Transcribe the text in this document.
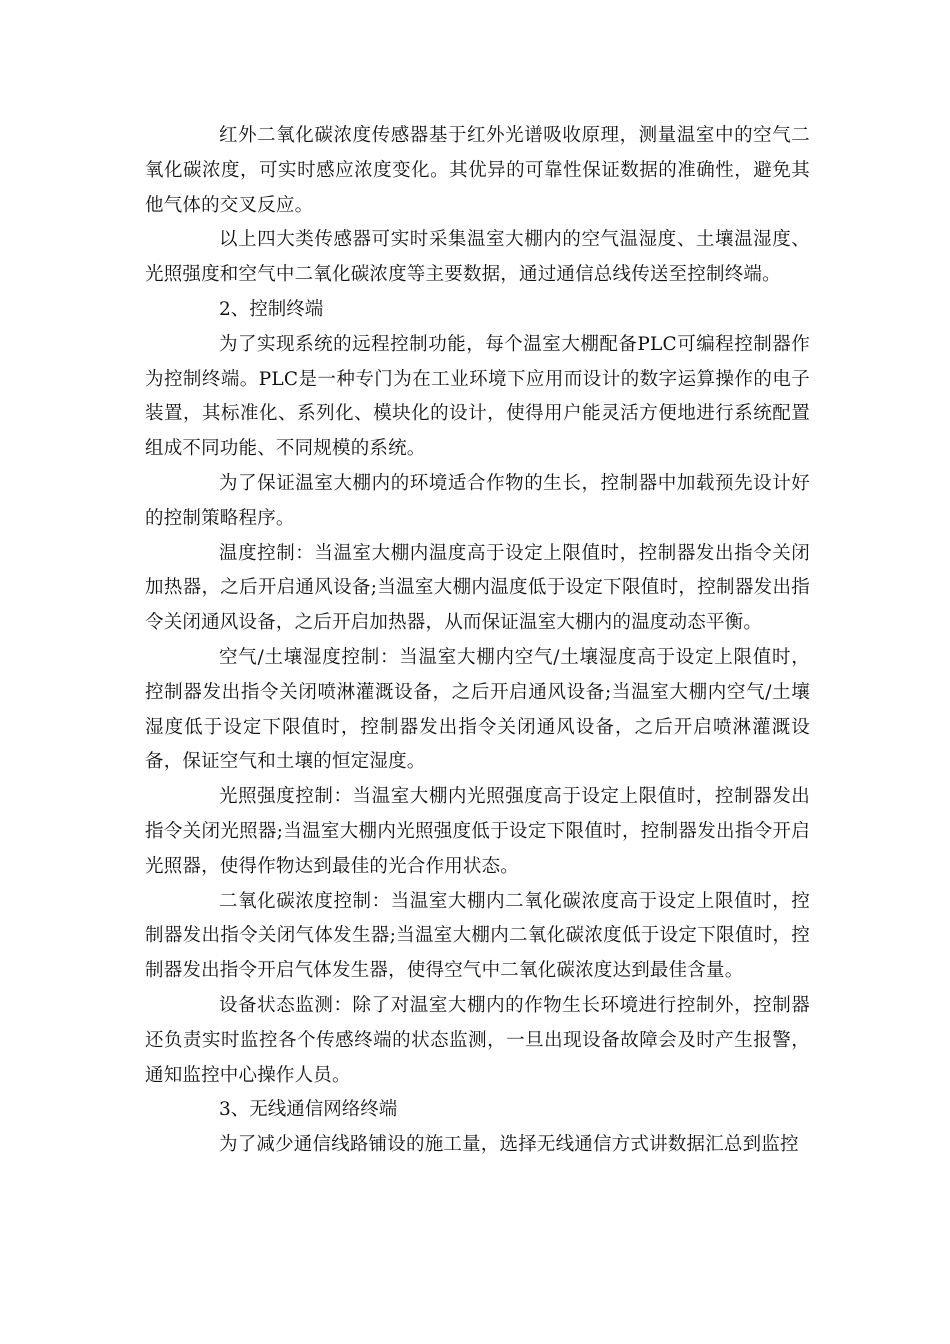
红外二氧化碳浓度传感器基于红外光谱吸收原理，测量温室中的空气二氧化碳浓度，可实时感应浓度变化。其优异的可靠性保证数据的准确性，避免其他气体的交叉反应。

以上四大类传感器可实时采集温室大棚内的空气温湿度、土壤温湿度、光照强度和空气中二氧化碳浓度等主要数据，通过通信总线传送至控制终端。

2、控制终端

为了实现系统的远程控制功能，每个温室大棚配备PLC可编程控制器作为控制终端。PLC是一种专门为在工业环境下应用而设计的数字运算操作的电子装置，其标准化、系列化、模块化的设计，使得用户能灵活方便地进行系统配置组成不同功能、不同规模的系统。

为了保证温室大棚内的环境适合作物的生长，控制器中加载预先设计好的控制策略程序。

温度控制：当温室大棚内温度高于设定上限值时，控制器发出指令关闭加热器，之后开启通风设备;当温室大棚内温度低于设定下限值时，控制器发出指令关闭通风设备，之后开启加热器，从而保证温室大棚内的温度动态平衡。

空气/土壤湿度控制：当温室大棚内空气/土壤湿度高于设定上限值时，控制器发出指令关闭喷淋灌溉设备，之后开启通风设备;当温室大棚内空气/土壤湿度低于设定下限值时，控制器发出指令关闭通风设备，之后开启喷淋灌溉设备，保证空气和土壤的恒定湿度。

光照强度控制：当温室大棚内光照强度高于设定上限值时，控制器发出指令关闭光照器;当温室大棚内光照强度低于设定下限值时，控制器发出指令开启光照器，使得作物达到最佳的光合作用状态。

二氧化碳浓度控制：当温室大棚内二氧化碳浓度高于设定上限值时，控制器发出指令关闭气体发生器;当温室大棚内二氧化碳浓度低于设定下限值时，控制器发出指令开启气体发生器，使得空气中二氧化碳浓度达到最佳含量。

设备状态监测：除了对温室大棚内的作物生长环境进行控制外，控制器还负责实时监控各个传感终端的状态监测，一旦出现设备故障会及时产生报警，通知监控中心操作人员。

3、无线通信网络终端

为了减少通信线路铺设的施工量，选择无线通信方式讲数据汇总到监控
